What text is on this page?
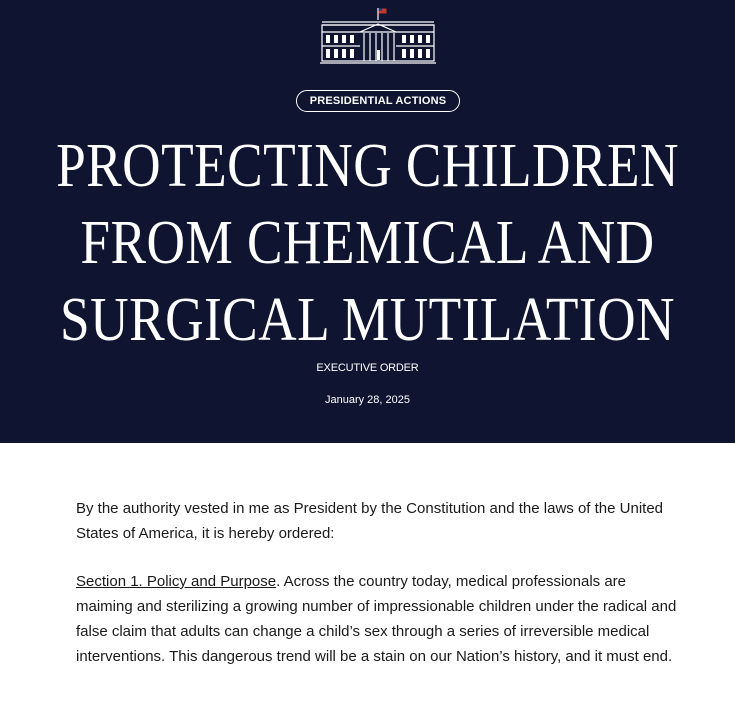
PRESIDENTIAL ACTIONS
PROTECTING CHILDREN
FROM CHEMICAL AND
SURGICAL MUTILATION
EXECUTIVE ORDER
January 28, 2025

By the authority vested in me as President by the Constitution and the laws of the United States of America, it is hereby ordered:

Section 1. Policy and Purpose. Across the country today, medical professionals are maiming and sterilizing a growing number of impressionable children under the radical and false claim that adults can change a child’s sex through a series of irreversible medical interventions. This dangerous trend will be a stain on our Nation’s history, and it must end.
